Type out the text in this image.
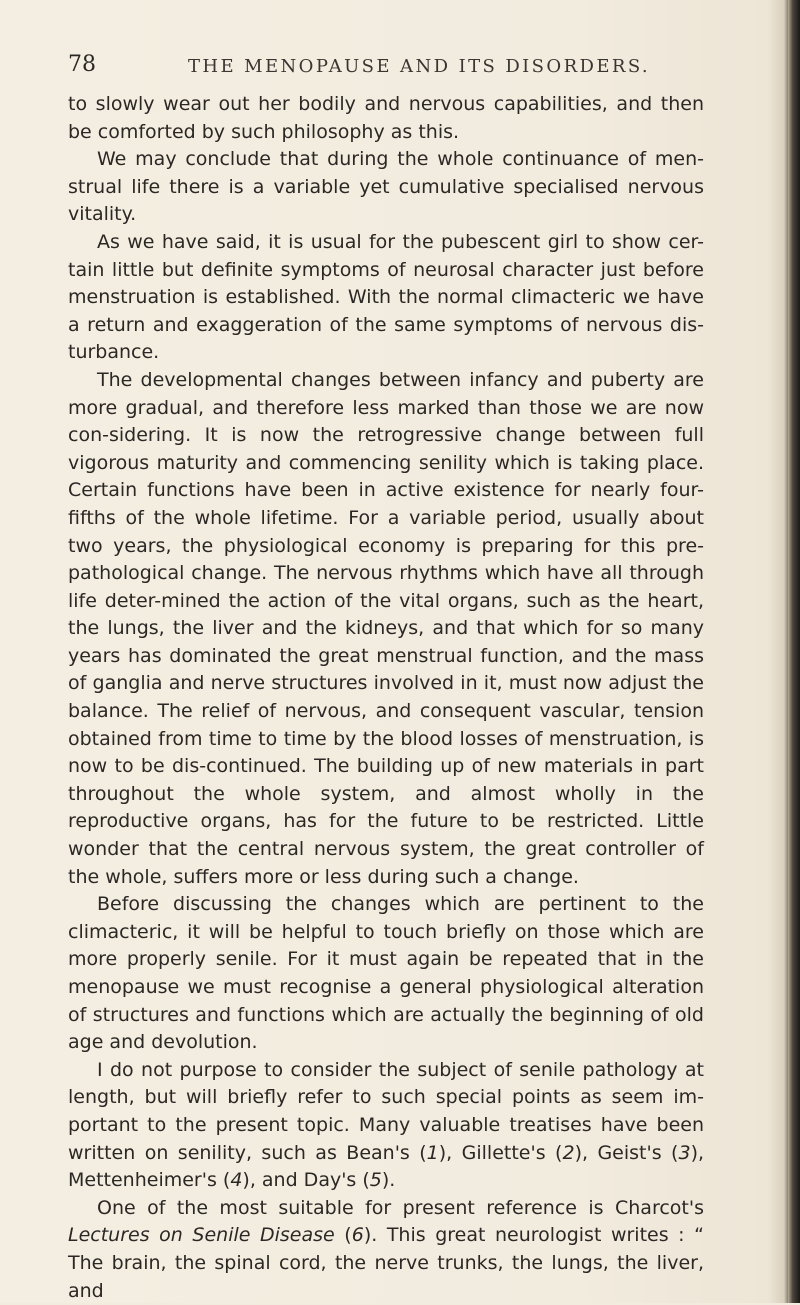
78	THE MENOPAUSE AND ITS DISORDERS.

to slowly wear out her bodily and nervous capabilities, and then be comforted by such philosophy as this.

We may conclude that during the whole continuance of men-strual life there is a variable yet cumulative specialised nervous vitality.

As we have said, it is usual for the pubescent girl to show cer-tain little but definite symptoms of neurosal character just before menstruation is established. With the normal climacteric we have a return and exaggeration of the same symptoms of nervous dis-turbance.

The developmental changes between infancy and puberty are more gradual, and therefore less marked than those we are now con-sidering. It is now the retrogressive change between full vigorous maturity and commencing senility which is taking place. Certain functions have been in active existence for nearly four-fifths of the whole lifetime. For a variable period, usually about two years, the physiological economy is preparing for this pre-pathological change. The nervous rhythms which have all through life deter-mined the action of the vital organs, such as the heart, the lungs, the liver and the kidneys, and that which for so many years has dominated the great menstrual function, and the mass of ganglia and nerve structures involved in it, must now adjust the balance. The relief of nervous, and consequent vascular, tension obtained from time to time by the blood losses of menstruation, is now to be dis-continued. The building up of new materials in part throughout the whole system, and almost wholly in the reproductive organs, has for the future to be restricted. Little wonder that the central nervous system, the great controller of the whole, suffers more or less during such a change.

Before discussing the changes which are pertinent to the climacteric, it will be helpful to touch briefly on those which are more properly senile. For it must again be repeated that in the menopause we must recognise a general physiological alteration of structures and functions which are actually the beginning of old age and devolution.

I do not purpose to consider the subject of senile pathology at length, but will briefly refer to such special points as seem im-portant to the present topic. Many valuable treatises have been written on senility, such as Bean's (1), Gillette's (2), Geist's (3), Mettenheimer's (4), and Day's (5).

One of the most suitable for present reference is Charcot's Lectures on Senile Disease (6). This great neurologist writes : “ The brain, the spinal cord, the nerve trunks, the lungs, the liver, and
